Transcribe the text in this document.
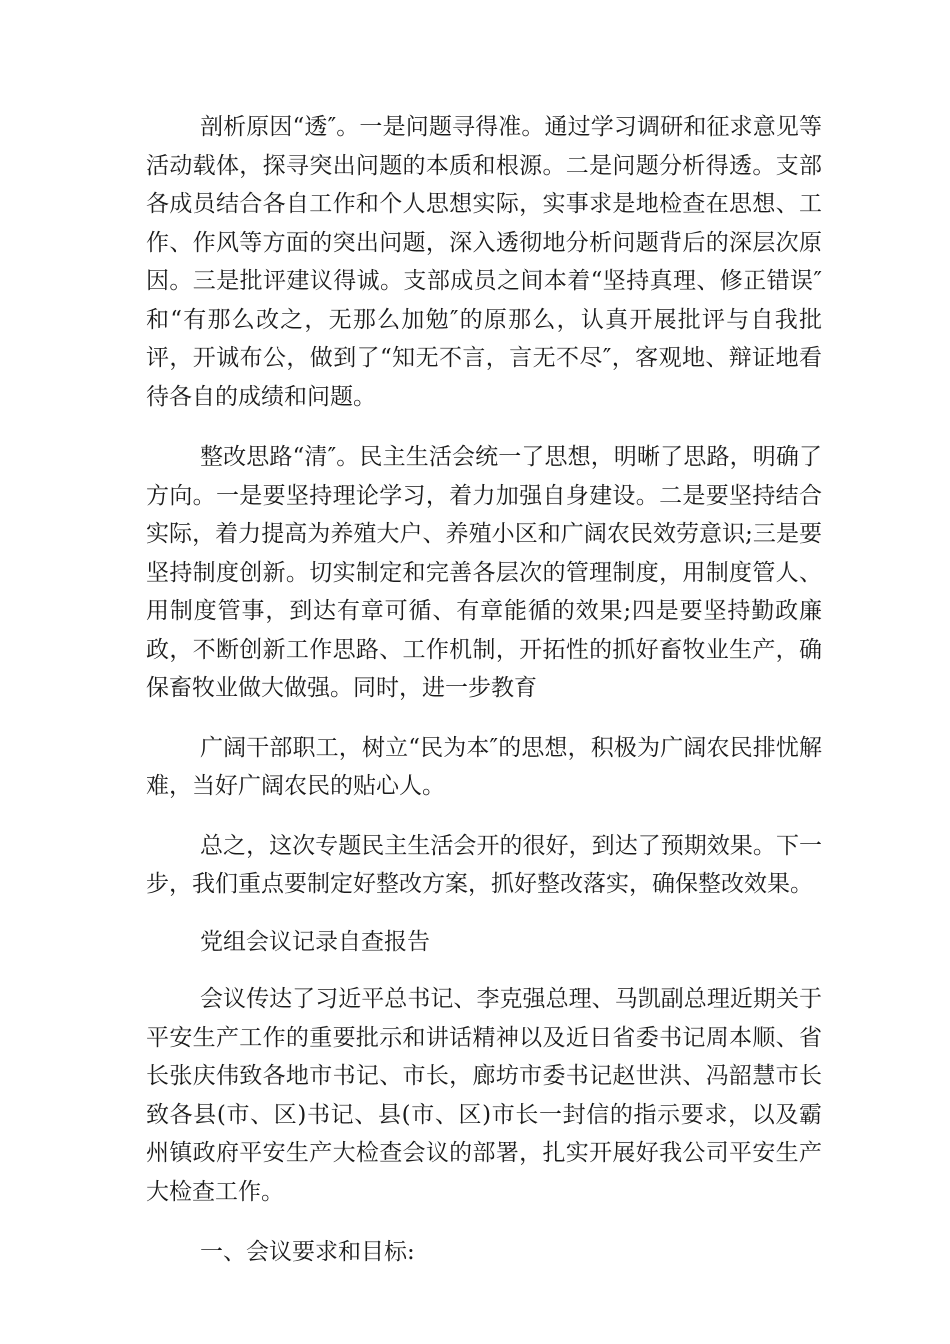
剖析原因“透″。一是问题寻得准。通过学习调研和征求意见等活动载体，探寻突出问题的本质和根源。二是问题分析得透。支部各成员结合各自工作和个人思想实际，实事求是地检查在思想、工作、作风等方面的突出问题，深入透彻地分析问题背后的深层次原因。三是批评建议得诚。支部成员之间本着“坚持真理、修正错误″和“有那么改之，无那么加勉″的原那么，认真开展批评与自我批评，开诚布公，做到了“知无不言，言无不尽″，客观地、辩证地看待各自的成绩和问题。

整改思路“清″。民主生活会统一了思想，明晰了思路，明确了方向。一是要坚持理论学习，着力加强自身建设。二是要坚持结合实际，着力提高为养殖大户、养殖小区和广阔农民效劳意识;三是要坚持制度创新。切实制定和完善各层次的管理制度，用制度管人、用制度管事，到达有章可循、有章能循的效果;四是要坚持勤政廉政，不断创新工作思路、工作机制，开拓性的抓好畜牧业生产，确保畜牧业做大做强。同时，进一步教育

广阔干部职工，树立“民为本″的思想，积极为广阔农民排忧解难，当好广阔农民的贴心人。

总之，这次专题民主生活会开的很好，到达了预期效果。下一步，我们重点要制定好整改方案，抓好整改落实，确保整改效果。

党组会议记录自查报告

会议传达了习近平总书记、李克强总理、马凯副总理近期关于平安生产工作的重要批示和讲话精神以及近日省委书记周本顺、省长张庆伟致各地市书记、市长，廊坊市委书记赵世洪、冯韶慧市长致各县(市、区)书记、县(市、区)市长一封信的指示要求，以及霸州镇政府平安生产大检查会议的部署，扎实开展好我公司平安生产大检查工作。

一、会议要求和目标:
